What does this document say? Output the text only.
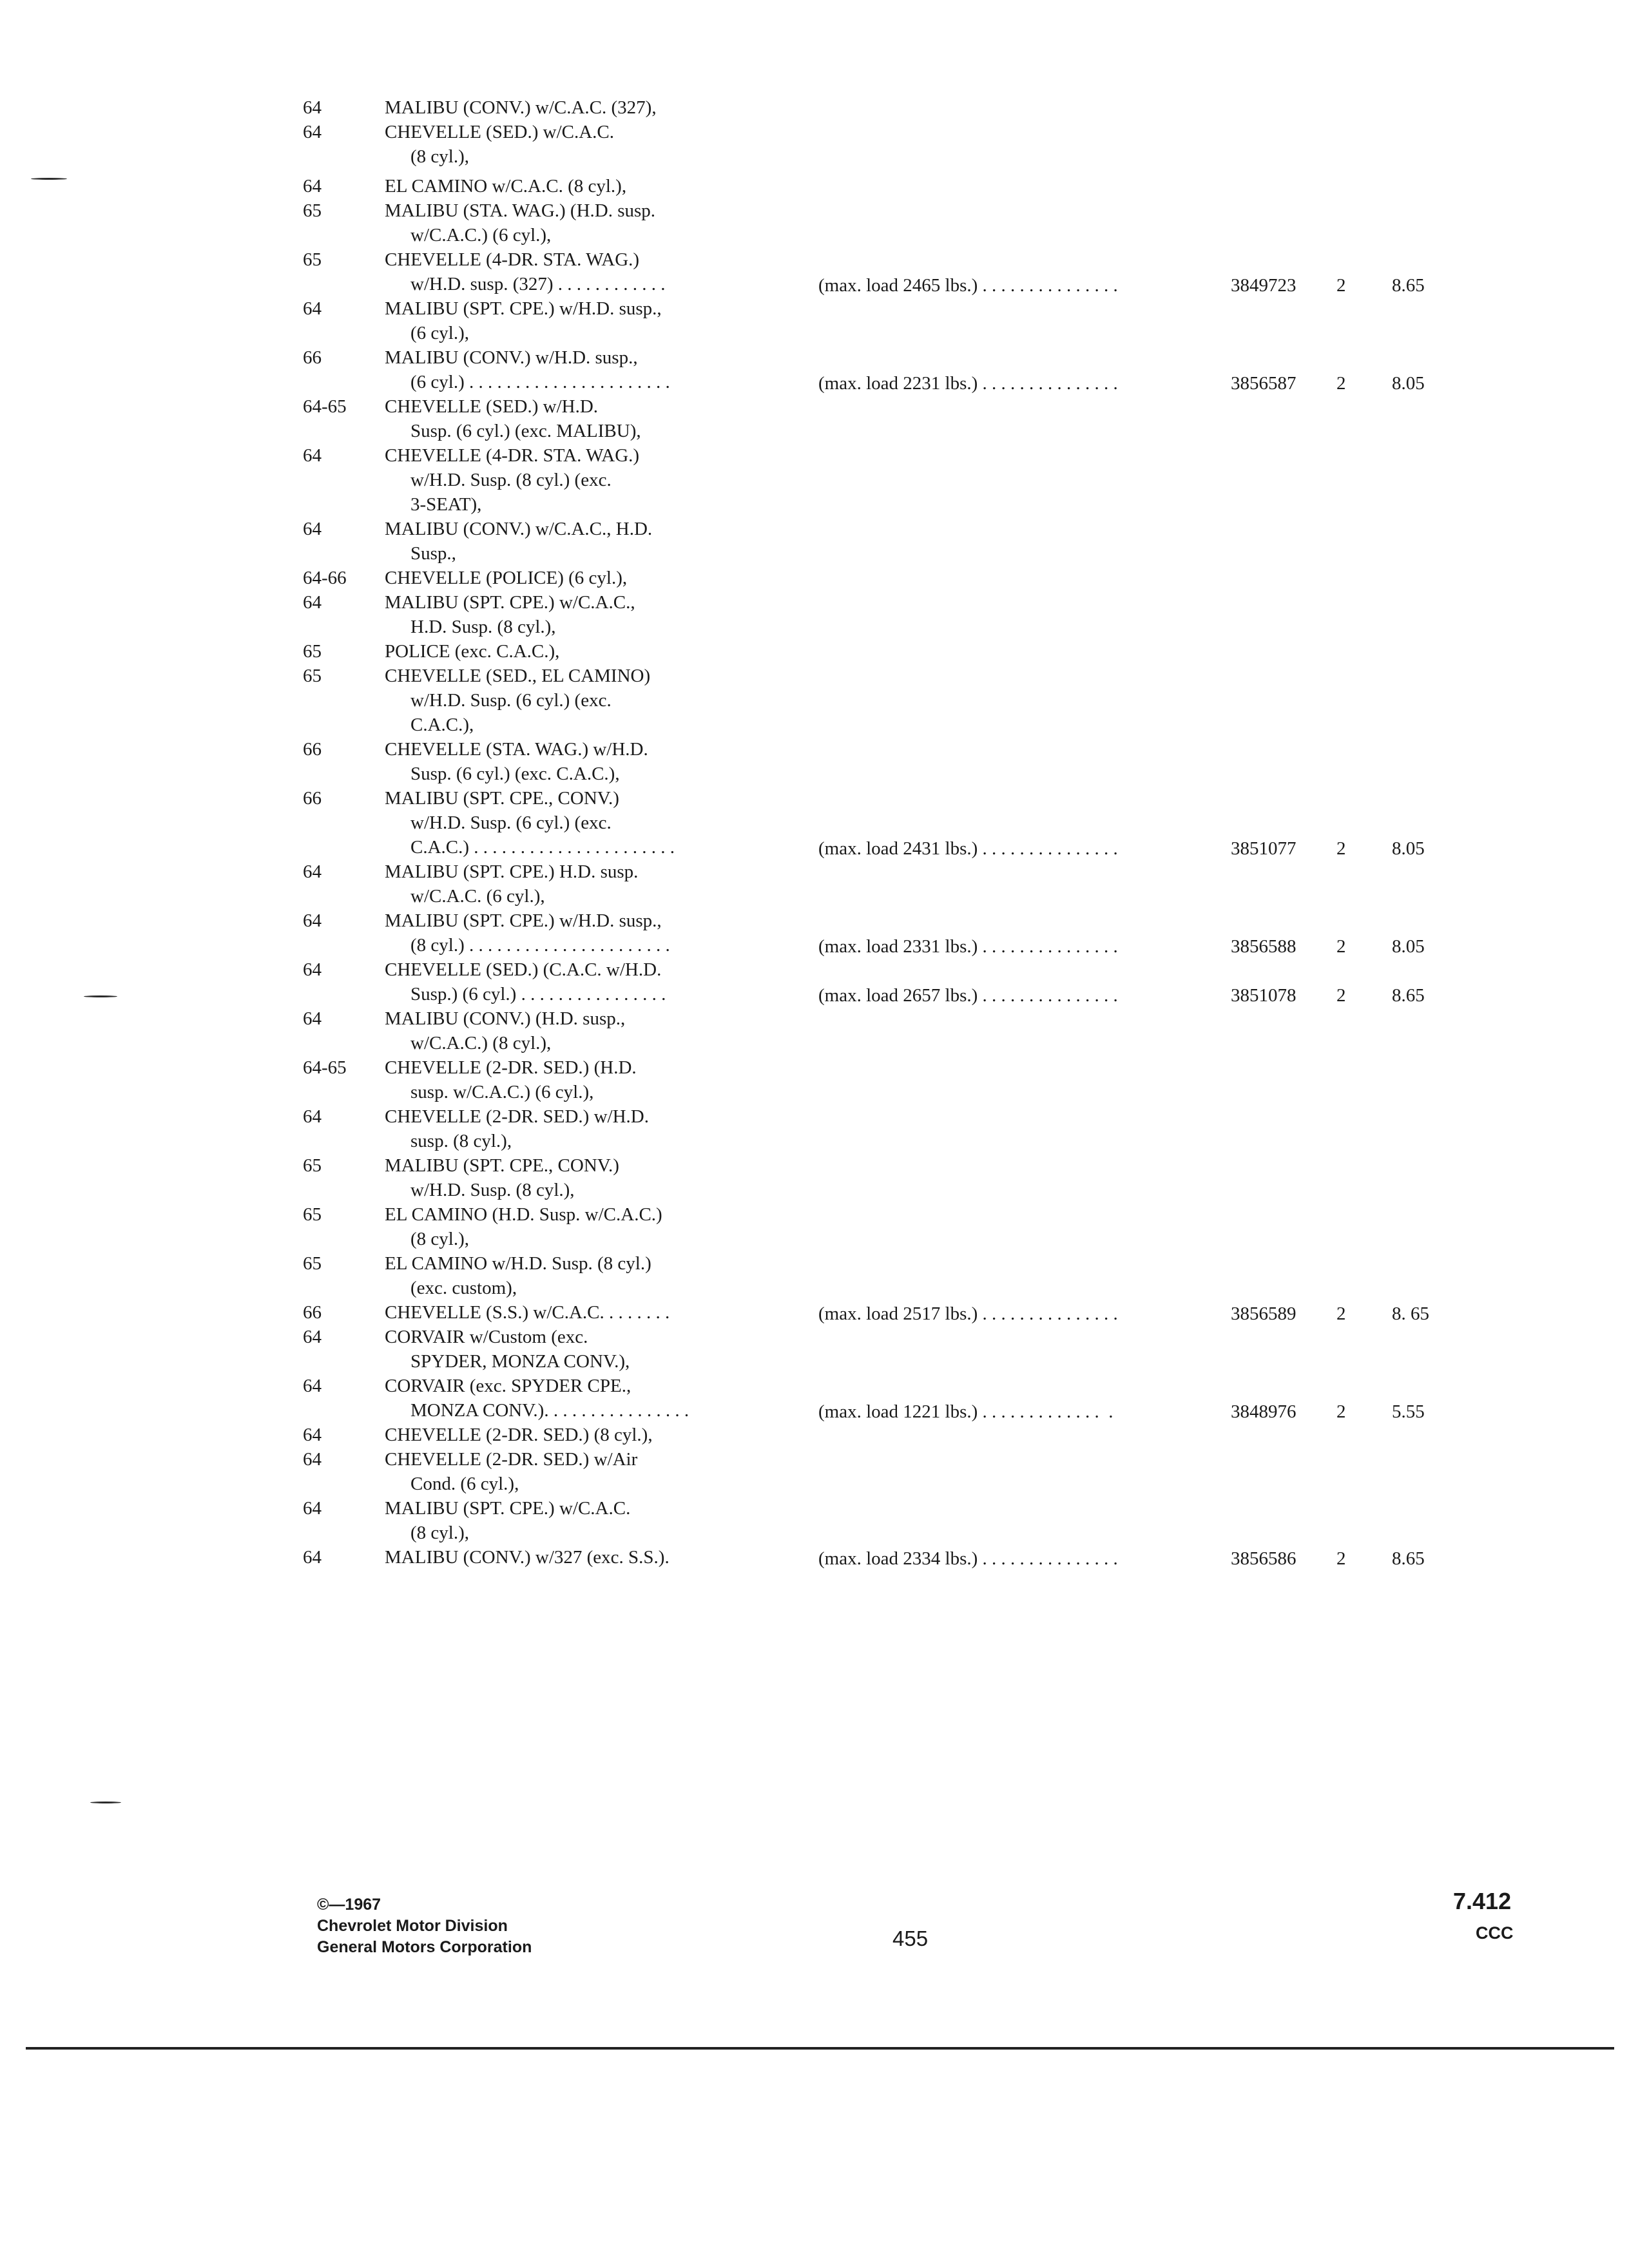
64	MALIBU (CONV.) w/C.A.C. (327),
64	CHEVELLE (SED.) w/C.A.C.
(8 cyl.),
64	EL CAMINO w/C.A.C. (8 cyl.),
65	MALIBU (STA. WAG.) (H.D. susp.
w/C.A.C.) (6 cyl.),
65	CHEVELLE (4-DR. STA. WAG.)
w/H.D. susp. (327) . . . . . . . . . . . .	(max. load 2465 lbs.) . . . . . . . . . . . . . . .	3849723 2 8.65
64	MALIBU (SPT. CPE.) w/H.D. susp.,
(6 cyl.),
66	MALIBU (CONV.) w/H.D. susp.,
(6 cyl.) . . . . . . . . . . . . . . . . . . . . . .	(max. load 2231 lbs.) . . . . . . . . . . . . . . .	3856587 2 8.05
64-65 CHEVELLE (SED.) w/H.D.
Susp. (6 cyl.) (exc. MALIBU),
64	CHEVELLE (4-DR. STA. WAG.)
w/H.D. Susp. (8 cyl.) (exc.
3-SEAT),
64	MALIBU (CONV.) w/C.A.C., H.D.
Susp.,
64-66 CHEVELLE (POLICE) (6 cyl.),
64	MALIBU (SPT. CPE.) w/C.A.C.,
H.D. Susp. (8 cyl.),
65	POLICE (exc. C.A.C.),
65	CHEVELLE (SED., EL CAMINO)
w/H.D. Susp. (6 cyl.) (exc.
C.A.C.),
66	CHEVELLE (STA. WAG.) w/H.D.
Susp. (6 cyl.) (exc. C.A.C.),
66	MALIBU (SPT. CPE., CONV.)
w/H.D. Susp. (6 cyl.) (exc.
C.A.C.) . . . . . . . . . . . . . . . . . . . . . .	(max. load 2431 lbs.) . . . . . . . . . . . . . . .	3851077 2 8.05
64	MALIBU (SPT. CPE.) H.D. susp.
w/C.A.C. (6 cyl.),
64	MALIBU (SPT. CPE.) w/H.D. susp.,
(8 cyl.) . . . . . . . . . . . . . . . . . . . . . .	(max. load 2331 lbs.) . . . . . . . . . . . . . . .	3856588 2 8.05
64	CHEVELLE (SED.) (C.A.C. w/H.D.
Susp.) (6 cyl.) . . . . . . . . . . . . . . . .	(max. load 2657 lbs.) . . . . . . . . . . . . . . .	3851078 2 8.65
64	MALIBU (CONV.) (H.D. susp.,
w/C.A.C.) (8 cyl.),
64-65 CHEVELLE (2-DR. SED.) (H.D.
susp. w/C.A.C.) (6 cyl.),
64	CHEVELLE (2-DR. SED.) w/H.D.
susp. (8 cyl.),
65	MALIBU (SPT. CPE., CONV.)
w/H.D. Susp. (8 cyl.),
65	EL CAMINO (H.D. Susp. w/C.A.C.)
(8 cyl.),
65	EL CAMINO w/H.D. Susp. (8 cyl.)
(exc. custom),
66	CHEVELLE (S.S.) w/C.A.C. . . . . . . .	(max. load 2517 lbs.) . . . . . . . . . . . . . . .	3856589 2 8. 65
64	CORVAIR w/Custom (exc.
SPYDER, MONZA CONV.),
64	CORVAIR (exc. SPYDER CPE.,
MONZA CONV.). . . . . . . . . . . . . . . .	(max. load 1221 lbs.) . . . . . . . . . . . . .  .	3848976 2 5.55
64	CHEVELLE (2-DR. SED.) (8 cyl.),
64	CHEVELLE (2-DR. SED.) w/Air
Cond. (6 cyl.),
64	MALIBU (SPT. CPE.) w/C.A.C.
(8 cyl.),
64	MALIBU (CONV.) w/327 (exc. S.S.).	(max. load 2334 lbs.) . . . . . . . . . . . . . . .	3856586 2 8.65
©—1967
Chevrolet Motor Division
General Motors Corporation	455
7.412
CCC
